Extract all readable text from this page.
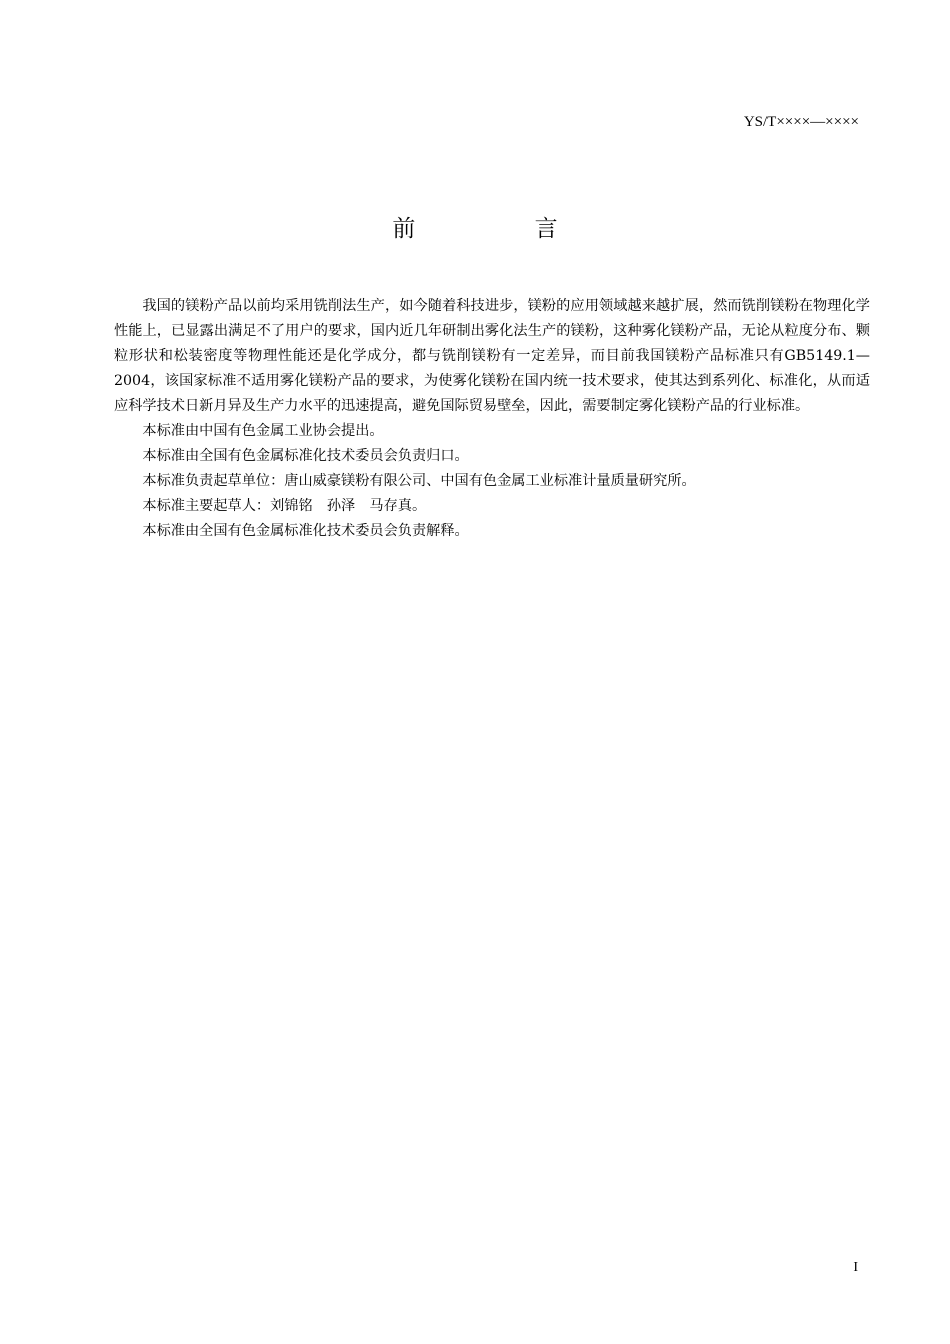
YS/T××××—××××
前 言

我国的镁粉产品以前均采用铣削法生产，如今随着科技进步，镁粉的应用领域越来越扩展，然而铣削镁粉在物理化学性能上，已显露出满足不了用户的要求，国内近几年研制出雾化法生产的镁粉，这种雾化镁粉产品，无论从粒度分布、颗粒形状和松装密度等物理性能还是化学成分，都与铣削镁粉有一定差异，而目前我国镁粉产品标准只有GB5149.1—2004，该国家标准不适用雾化镁粉产品的要求，为使雾化镁粉在国内统一技术要求，使其达到系列化、标准化，从而适应科学技术日新月异及生产力水平的迅速提高，避免国际贸易壁垒，因此，需要制定雾化镁粉产品的行业标准。

本标准由中国有色金属工业协会提出。

本标准由全国有色金属标准化技术委员会负责归口。

本标准负责起草单位：唐山威豪镁粉有限公司、中国有色金属工业标准计量质量研究所。

本标准主要起草人：刘锦铭　孙泽　马存真。

本标准由全国有色金属标准化技术委员会负责解释。

I
